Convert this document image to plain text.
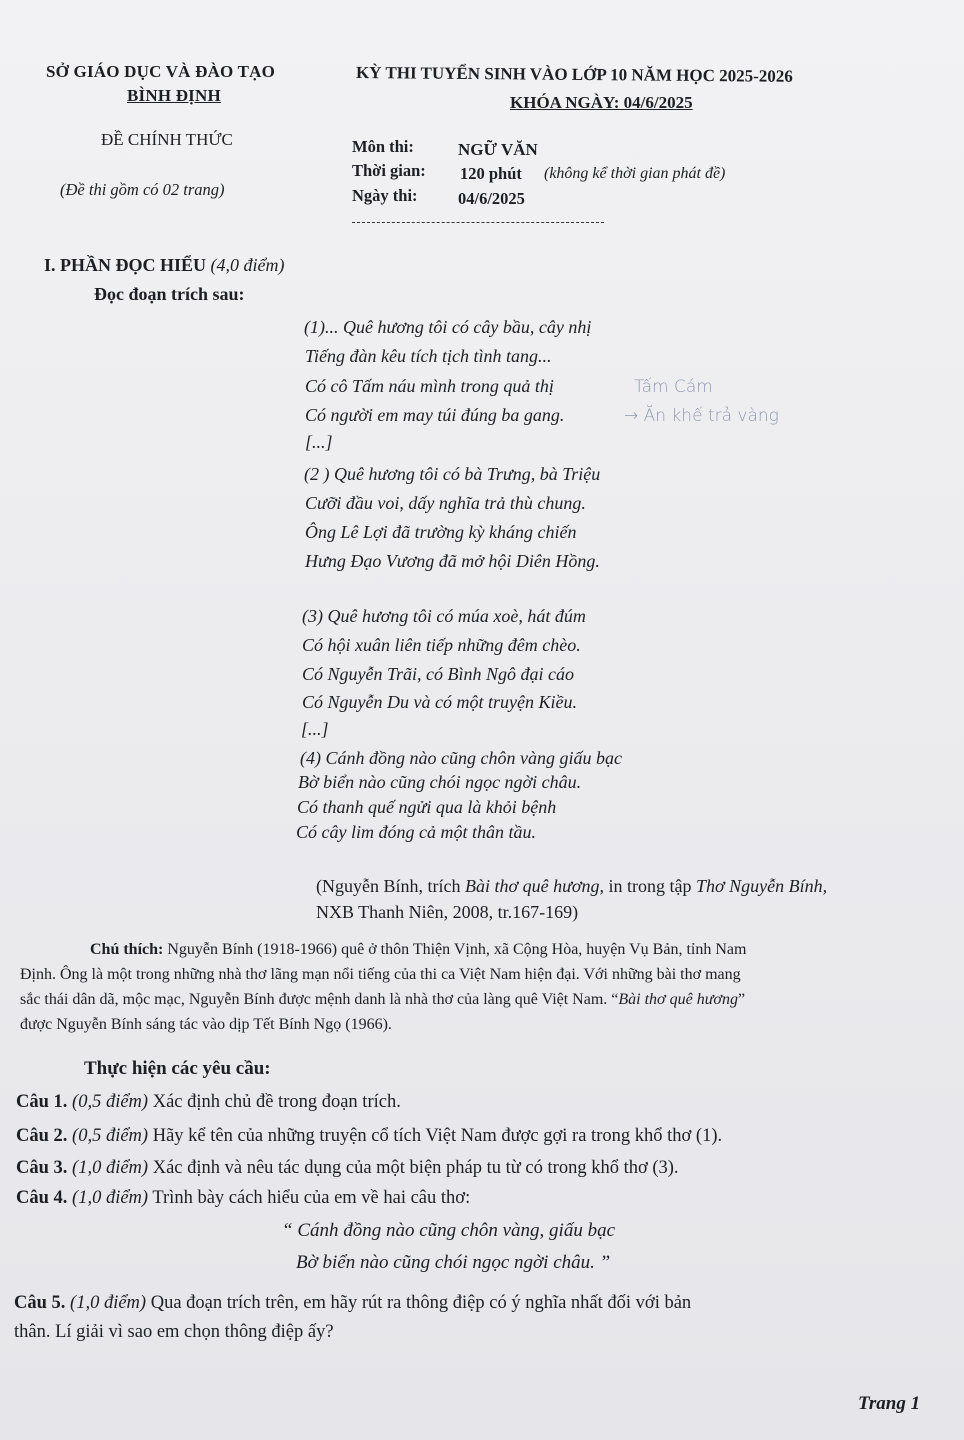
SỞ GIÁO DỤC VÀ ĐÀO TẠO
BÌNH ĐỊNH
ĐỀ CHÍNH THỨC
(Đề thi gồm có 02 trang)
KỲ THI TUYỂN SINH VÀO LỚP 10 NĂM HỌC 2025-2026
KHÓA NGÀY: 04/6/2025
Môn thi:	NGỮ VĂN
Thời gian: 120 phút (không kể thời gian phát đề)
Ngày thi: 04/6/2025
I. PHẦN ĐỌC HIỂU (4,0 điểm)
Đọc đoạn trích sau:
(1)... Quê hương tôi có cây bầu, cây nhị
Tiếng đàn kêu tích tịch tình tang...
Có cô Tấm náu mình trong quả thị
Có người em may túi đúng ba gang.
[...]
Tấm Cám
→ Ăn khế trả vàng
(2 ) Quê hương tôi có bà Trưng, bà Triệu
Cưỡi đầu voi, dấy nghĩa trả thù chung.
Ông Lê Lợi đã trường kỳ kháng chiến
Hưng Đạo Vương đã mở hội Diên Hồng.
(3) Quê hương tôi có múa xoè, hát đúm
Có hội xuân liên tiếp những đêm chèo.
Có Nguyễn Trãi, có Bình Ngô đại cáo
Có Nguyễn Du và có một truyện Kiều.
[...]
(4) Cánh đồng nào cũng chôn vàng giấu bạc
Bờ biển nào cũng chói ngọc ngời châu.
Có thanh quế ngửi qua là khỏi bệnh
Có cây lim đóng cả một thân tầu.
(Nguyễn Bính, trích Bài thơ quê hương, in trong tập Thơ Nguyễn Bính,
NXB Thanh Niên, 2008, tr.167-169)
Chú thích: Nguyễn Bính (1918-1966) quê ở thôn Thiện Vịnh, xã Cộng Hòa, huyện Vụ Bản, tỉnh Nam
Định. Ông là một trong những nhà thơ lãng mạn nổi tiếng của thi ca Việt Nam hiện đại. Với những bài thơ mang
sắc thái dân dã, mộc mạc, Nguyễn Bính được mệnh danh là nhà thơ của làng quê Việt Nam. “Bài thơ quê hương”
được Nguyễn Bính sáng tác vào dịp Tết Bính Ngọ (1966).
Thực hiện các yêu cầu:
Câu 1. (0,5 điểm) Xác định chủ đề trong đoạn trích.
Câu 2. (0,5 điểm) Hãy kể tên của những truyện cổ tích Việt Nam được gợi ra trong khổ thơ (1).
Câu 3. (1,0 điểm) Xác định và nêu tác dụng của một biện pháp tu từ có trong khổ thơ (3).
Câu 4. (1,0 điểm) Trình bày cách hiểu của em về hai câu thơ:
“ Cánh đồng nào cũng chôn vàng, giấu bạc
Bờ biển nào cũng chói ngọc ngời châu. ”
Câu 5. (1,0 điểm) Qua đoạn trích trên, em hãy rút ra thông điệp có ý nghĩa nhất đối với bản
thân. Lí giải vì sao em chọn thông điệp ấy?
Trang 1
